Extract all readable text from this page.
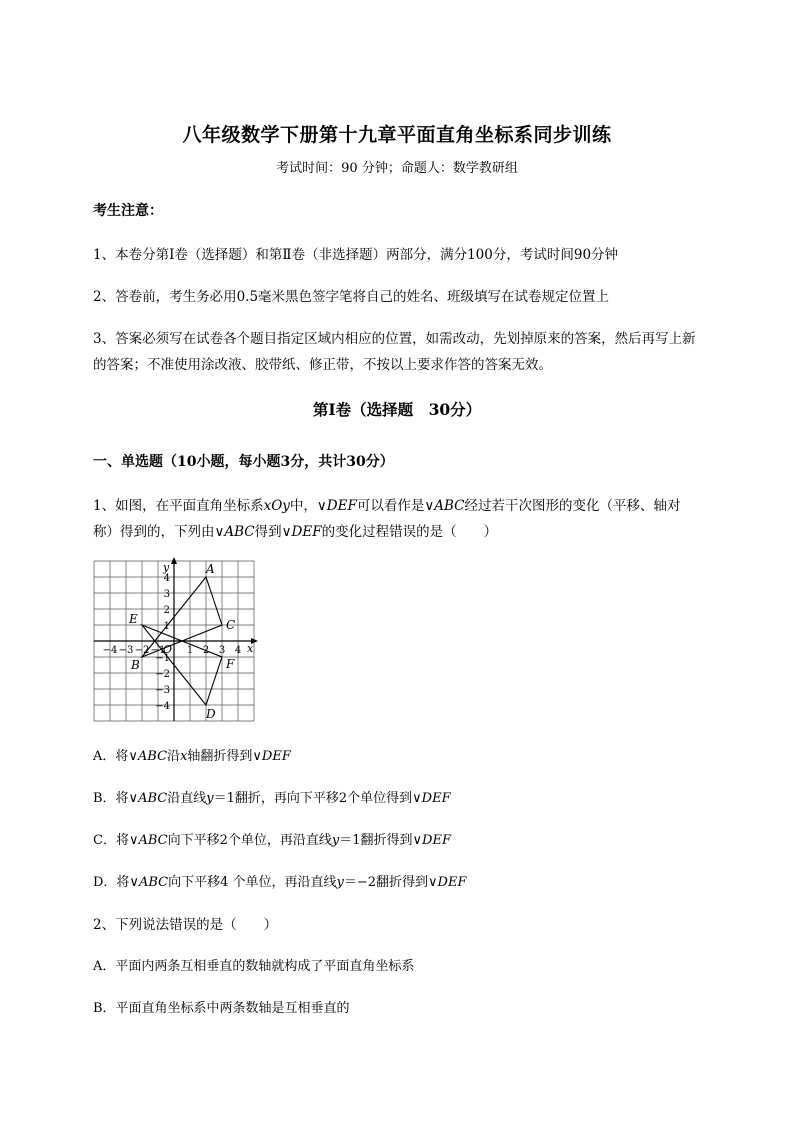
八年级数学下册第十九章平面直角坐标系同步训练
考试时间：90 分钟；命题人：数学教研组
考生注意：
1、本卷分第Ⅰ卷（选择题）和第Ⅱ卷（非选择题）两部分，满分100分，考试时间90分钟
2、答卷前，考生务必用0.5毫米黑色签字笔将自己的姓名、班级填写在试卷规定位置上
3、答案必须写在试卷各个题目指定区域内相应的位置，如需改动，先划掉原来的答案，然后再写上新
的答案；不准使用涂改液、胶带纸、修正带，不按以上要求作答的答案无效。
第Ⅰ卷（选择题　30分）
一、单选题（10小题，每小题3分，共计30分）
1、如图，在平面直角坐标系xOy中，∨DEF可以看作是∨ABC经过若干次图形的变化（平移、轴对
称）得到的，下列由∨ABC得到∨DEF的变化过程错误的是（　　）
x
y
O
−4 −3 −2 −1 1 2 3 4
4
3
2
1
−1
−2
−3
−4
A
B
C
D
E
F
A．将∨ABC沿x轴翻折得到∨DEF
B．将∨ABC沿直线y＝1翻折，再向下平移2个单位得到∨DEF
C．将∨ABC向下平移2个单位，再沿直线y＝1翻折得到∨DEF
D．将∨ABC向下平移4 个单位，再沿直线y＝−2翻折得到∨DEF
2、下列说法错误的是（　　）
A．平面内两条互相垂直的数轴就构成了平面直角坐标系
B．平面直角坐标系中两条数轴是互相垂直的
